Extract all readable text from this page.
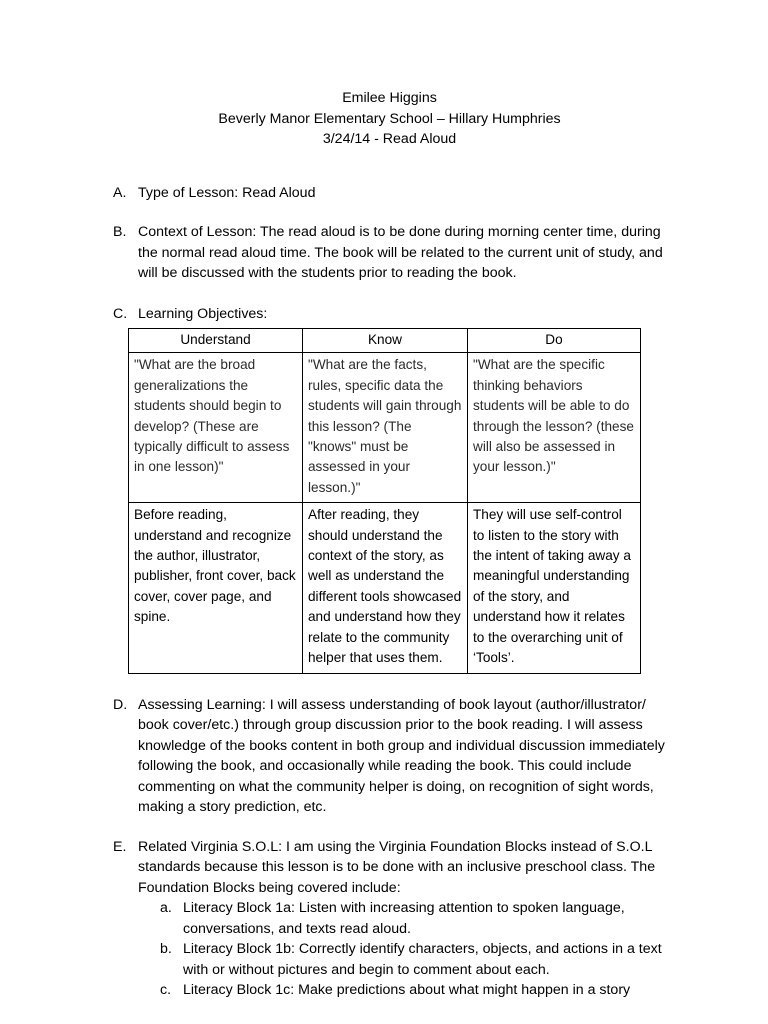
Emilee Higgins
Beverly Manor Elementary School – Hillary Humphries
3/24/14 - Read Aloud
A. Type of Lesson: Read Aloud
B. Context of Lesson: The read aloud is to be done during morning center time, during the normal read aloud time. The book will be related to the current unit of study, and will be discussed with the students prior to reading the book.
C. Learning Objectives:
Understand	Know	Do
"What are the broad generalizations the students should begin to develop? (These are typically difficult to assess in one lesson)"	"What are the facts, rules, specific data the students will gain through this lesson? (The "knows" must be assessed in your lesson.)"	"What are the specific thinking behaviors students will be able to do through the lesson? (these will also be assessed in your lesson.)"
Before reading, understand and recognize the author, illustrator, publisher, front cover, back cover, cover page, and spine.	After reading, they should understand the context of the story, as well as understand the different tools showcased and understand how they relate to the community helper that uses them.	They will use self-control to listen to the story with the intent of taking away a meaningful understanding of the story, and understand how it relates to the overarching unit of ‘Tools’.
D. Assessing Learning: I will assess understanding of book layout (author/illustrator/ book cover/etc.) through group discussion prior to the book reading. I will assess knowledge of the books content in both group and individual discussion immediately following the book, and occasionally while reading the book. This could include commenting on what the community helper is doing, on recognition of sight words, making a story prediction, etc.
E. Related Virginia S.O.L: I am using the Virginia Foundation Blocks instead of S.O.L standards because this lesson is to be done with an inclusive preschool class. The Foundation Blocks being covered include:
a. Literacy Block 1a: Listen with increasing attention to spoken language, conversations, and texts read aloud.
b. Literacy Block 1b: Correctly identify characters, objects, and actions in a text with or without pictures and begin to comment about each.
c. Literacy Block 1c: Make predictions about what might happen in a story
